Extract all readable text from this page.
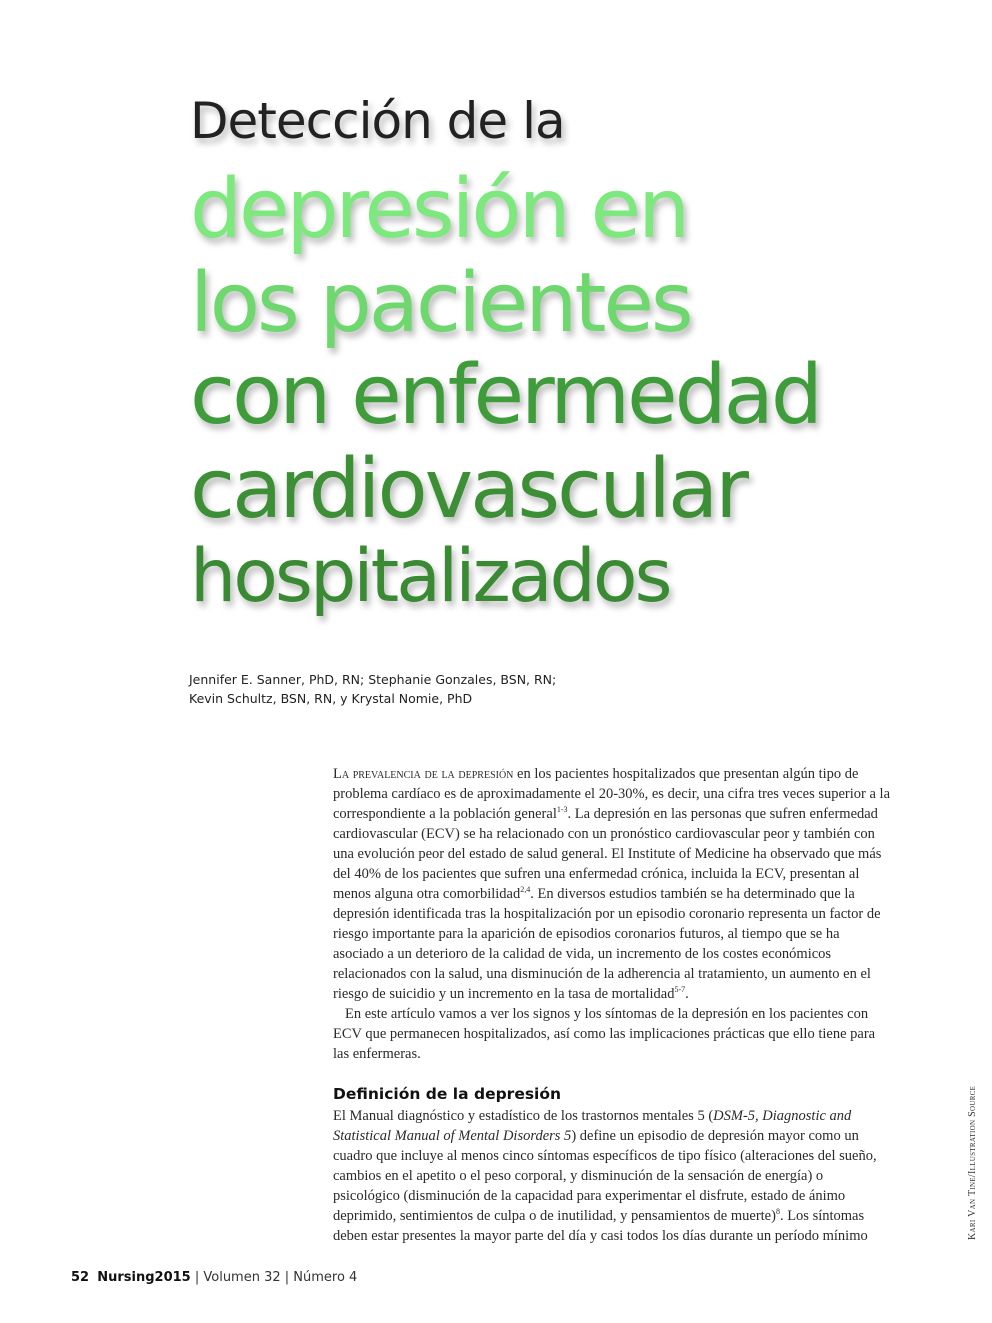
Detección de la
depresión en
los pacientes
con enfermedad
cardiovascular
hospitalizados
Jennifer E. Sanner, PhD, RN; Stephanie Gonzales, BSN, RN;
Kevin Schultz, BSN, RN, y Krystal Nomie, PhD

La prevalencia de la depresión en los pacientes hospitalizados que presentan algún tipo de problema cardíaco es de aproximadamente el 20-30%, es decir, una cifra tres veces superior a la correspondiente a la población general$^{1-3}$. La depresión en las personas que sufren enfermedad cardiovascular (ECV) se ha relacionado con un pronóstico cardiovascular peor y también con una evolución peor del estado de salud general. El Institute of Medicine ha observado que más del 40% de los pacientes que sufren una enfermedad crónica, incluida la ECV, presentan al menos alguna otra comorbilidad$^{2,4}$. En diversos estudios también se ha determinado que la depresión identificada tras la hospitalización por un episodio coronario representa un factor de riesgo importante para la aparición de episodios coronarios futuros, al tiempo que se ha asociado a un deterioro de la calidad de vida, un incremento de los costes económicos relacionados con la salud, una disminución de la adherencia al tratamiento, un aumento en el riesgo de suicidio y un incremento en la tasa de mortalidad$^{5-7}$.

En este artículo vamos a ver los signos y los síntomas de la depresión en los pacientes con ECV que permanecen hospitalizados, así como las implicaciones prácticas que ello tiene para las enfermeras.

Definición de la depresión

El Manual diagnóstico y estadístico de los trastornos mentales 5 (DSM-5, Diagnostic and Statistical Manual of Mental Disorders 5) define un episodio de depresión mayor como un cuadro que incluye al menos cinco síntomas específicos de tipo físico (alteraciones del sueño, cambios en el apetito o el peso corporal, y disminución de la sensación de energía) o psicológico (disminución de la capacidad para experimentar el disfrute, estado de ánimo deprimido, sentimientos de culpa o de inutilidad, y pensamientos de muerte)$^8$. Los síntomas deben estar presentes la mayor parte del día y casi todos los días durante un período mínimo	Kari Van Tine/Illustration Source
52 Nursing2015 | Volumen 32 | Número 4
